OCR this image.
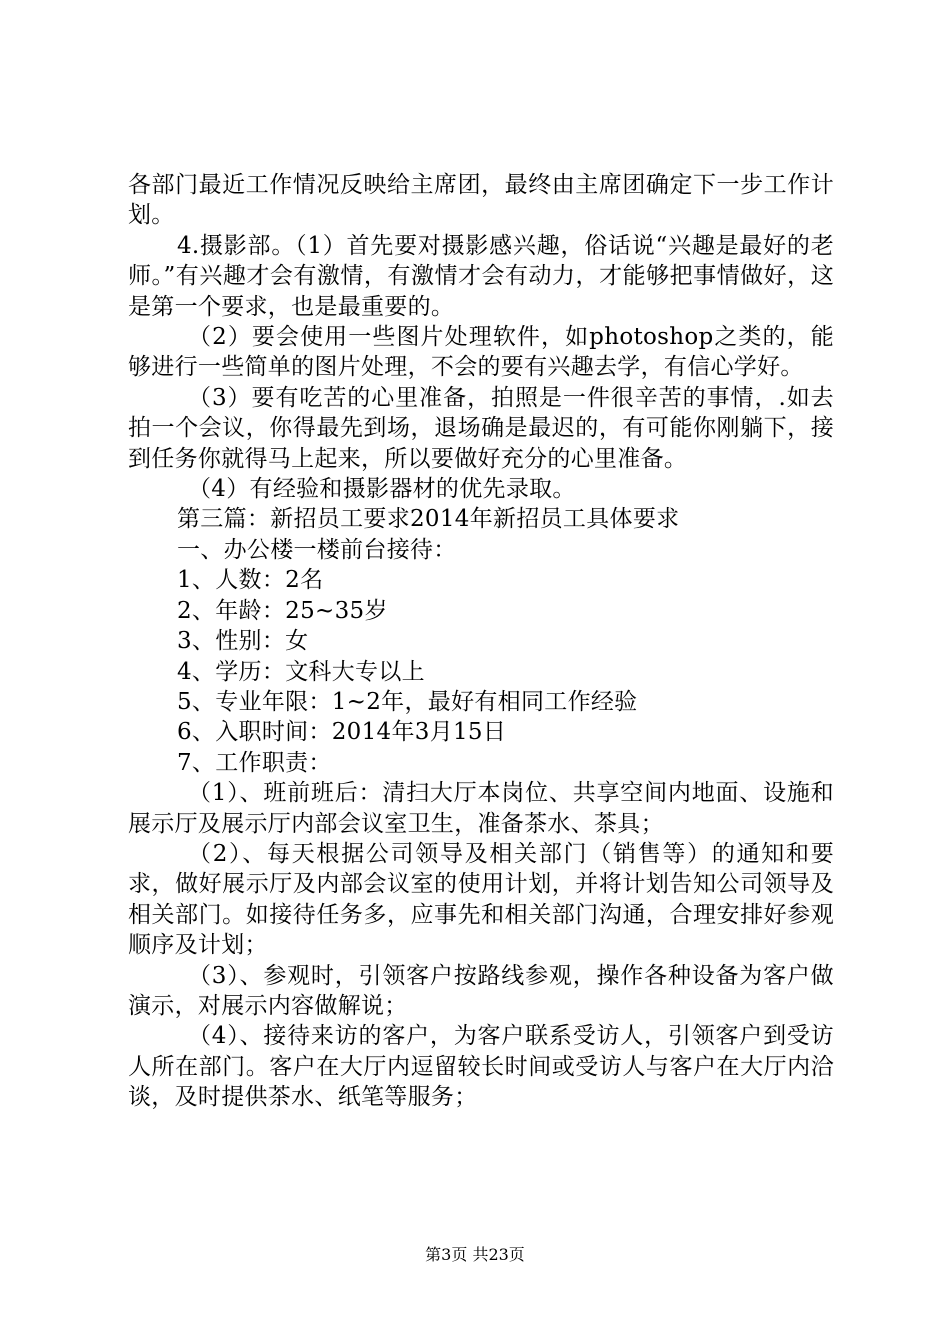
各部门最近工作情况反映给主席团，最终由主席团确定下一步工作计划。

4.摄影部。（1）首先要对摄影感兴趣，俗话说“兴趣是最好的老师。”有兴趣才会有激情，有激情才会有动力，才能够把事情做好，这是第一个要求，也是最重要的。

（2）要会使用一些图片处理软件，如photoshop之类的，能够进行一些简单的图片处理，不会的要有兴趣去学，有信心学好。

（3）要有吃苦的心里准备，拍照是一件很辛苦的事情，.如去拍一个会议，你得最先到场，退场确是最迟的，有可能你刚躺下，接到任务你就得马上起来，所以要做好充分的心里准备。

（4）有经验和摄影器材的优先录取。

第三篇：新招员工要求2014年新招员工具体要求

一、办公楼一楼前台接待：

1、人数：2名

2、年龄：25~35岁

3、性别：女

4、学历：文科大专以上

5、专业年限：1~2年，最好有相同工作经验

6、入职时间：2014年3月15日

7、工作职责：

（1）、班前班后：清扫大厅本岗位、共享空间内地面、设施和展示厅及展示厅内部会议室卫生，准备茶水、茶具；

（2）、每天根据公司领导及相关部门（销售等）的通知和要求，做好展示厅及内部会议室的使用计划，并将计划告知公司领导及相关部门。如接待任务多，应事先和相关部门沟通，合理安排好参观顺序及计划；

（3）、参观时，引领客户按路线参观，操作各种设备为客户做演示，对展示内容做解说；

（4）、接待来访的客户，为客户联系受访人，引领客户到受访人所在部门。客户在大厅内逗留较长时间或受访人与客户在大厅内洽谈，及时提供茶水、纸笔等服务；

第3页 共23页
